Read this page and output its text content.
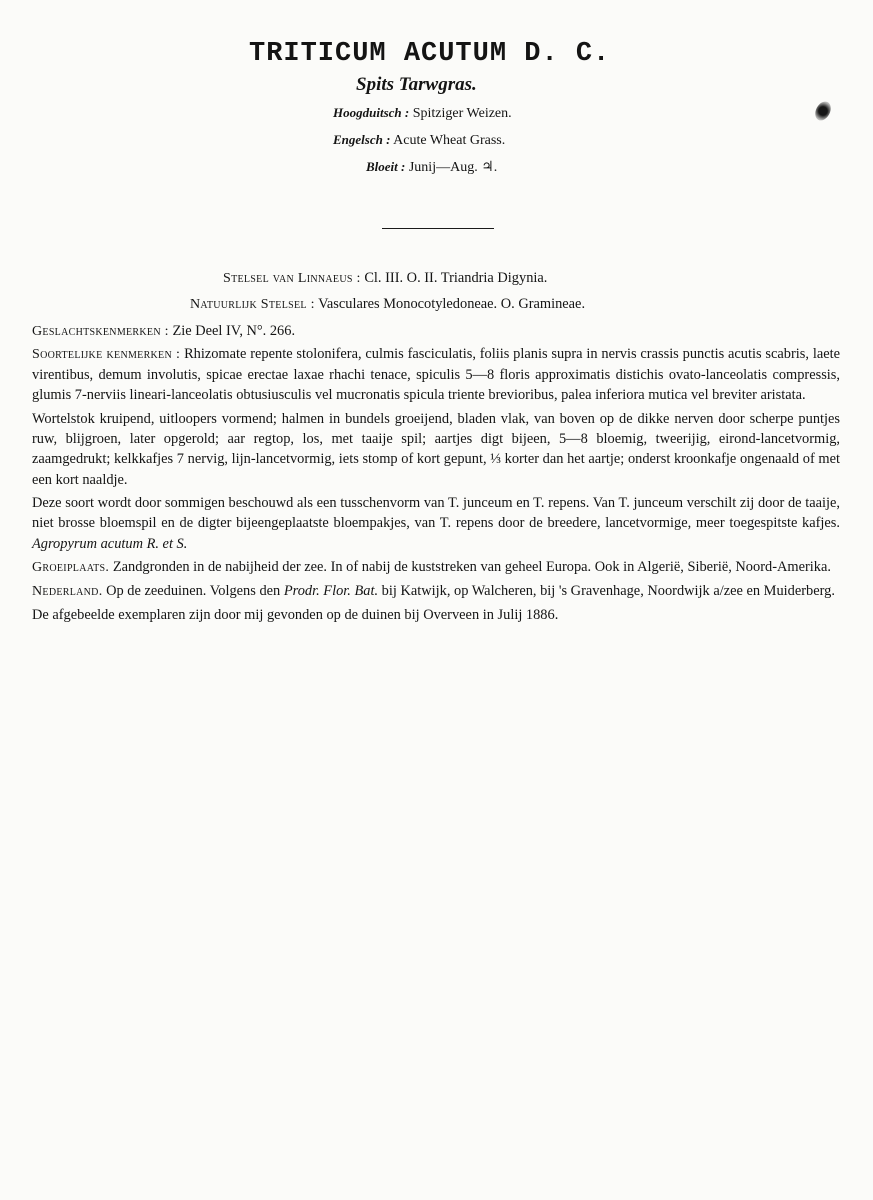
TRITICUM ACUTUM D. C.
Spits Tarwgras.
Hoogduitsch : Spitziger Weizen.
Engelsch : Acute Wheat Grass.
Bloeit : Junij—Aug. ♃.
Stelsel van Linnaeus : Cl. III. O. II. Triandria Digynia.
Natuurlijk Stelsel : Vasculares Monocotyledoneae. O. Gramineae.
Geslachtskenmerken : Zie Deel IV, N°. 266.

Soortelijke kenmerken : Rhizomate repente stolonifera, culmis fasciculatis, foliis planis supra in nervis crassis punctis acutis scabris, laete virentibus, demum involutis, spicae erectae laxae rhachi tenace, spiculis 5—8 floris approximatis distichis ovato-lanceolatis compressis, glumis 7-nerviis lineari-lanceolatis obtusiusculis vel mucronatis spicula triente brevioribus, palea inferiora mutica vel breviter aristata.

Wortelstok kruipend, uitloopers vormend; halmen in bundels groeijend, bladen vlak, van boven op de dikke nerven door scherpe puntjes ruw, blijgroen, later opgerold; aar regtop, los, met taaije spil; aartjes digt bijeen, 5—8 bloemig, tweerijig, eirond-lancetvormig, zaamgedrukt; kelkkafjes 7 nervig, lijn-lancetvormig, iets stomp of kort gepunt, ⅓ korter dan het aartje; onderst kroonkafje ongenaald of met een kort naaldje.

Deze soort wordt door sommigen beschouwd als een tusschenvorm van T. junceum en T. repens. Van T. junceum verschilt zij door de taaije, niet brosse bloemspil en de digter bijeengeplaatste bloempakjes, van T. repens door de breedere, lancetvormige, meer toegespitste kafjes. Agropyrum acutum R. et S.

Groeiplaats. Zandgronden in de nabijheid der zee. In of nabij de kuststreken van geheel Europa. Ook in Algerië, Siberië, Noord-Amerika.

Nederland. Op de zeeduinen. Volgens den Prodr. Flor. Bat. bij Katwijk, op Walcheren, bij 's Gravenhage, Noordwijk a/zee en Muiderberg.

De afgebeelde exemplaren zijn door mij gevonden op de duinen bij Overveen in Julij 1886.
